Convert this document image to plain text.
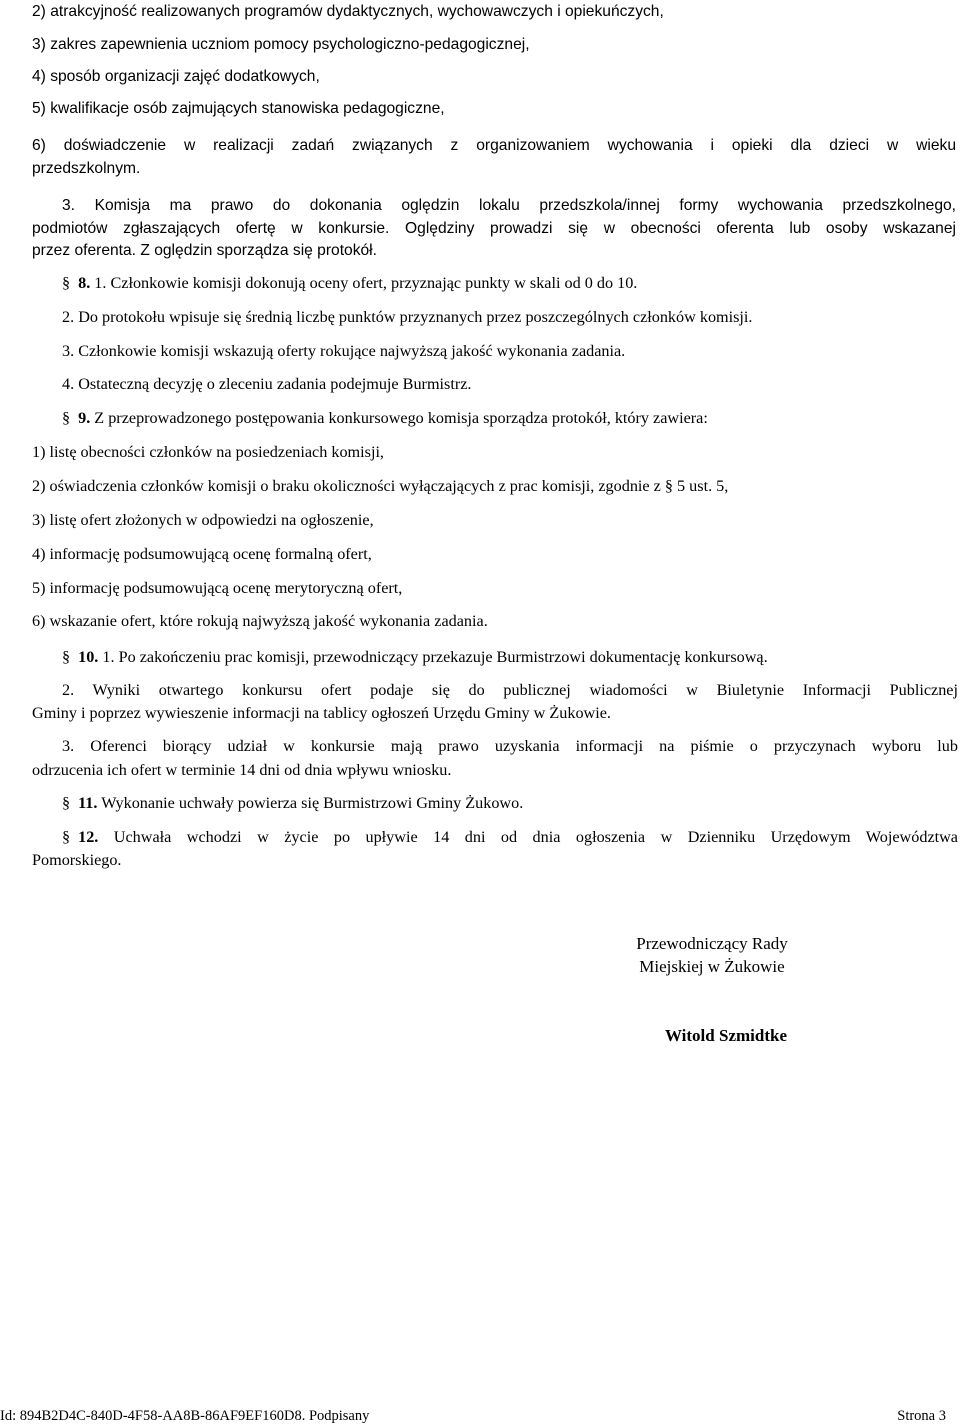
2) atrakcyjność realizowanych programów dydaktycznych, wychowawczych i opiekuńczych,
3) zakres zapewnienia uczniom pomocy psychologiczno-pedagogicznej,
4) sposób organizacji zajęć dodatkowych,
5) kwalifikacje osób zajmujących stanowiska pedagogiczne,
6) doświadczenie w realizacji zadań związanych z organizowaniem wychowania i opieki dla dzieci w wieku
przedszkolnym.
3. Komisja ma prawo do dokonania oględzin lokalu przedszkola/innej formy wychowania przedszkolnego,
podmiotów zgłaszających ofertę w konkursie. Oględziny prowadzi się w obecności oferenta lub osoby wskazanej
przez oferenta. Z oględzin sporządza się protokół.
§ 8. 1. Członkowie komisji dokonują oceny ofert, przyznając punkty w skali od 0 do 10.
2. Do protokołu wpisuje się średnią liczbę punktów przyznanych przez poszczególnych członków komisji.
3. Członkowie komisji wskazują oferty rokujące najwyższą jakość wykonania zadania.
4. Ostateczną decyzję o zleceniu zadania podejmuje Burmistrz.
§ 9. Z przeprowadzonego postępowania konkursowego komisja sporządza protokół, który zawiera:
1) listę obecności członków na posiedzeniach komisji,
2) oświadczenia członków komisji o braku okoliczności wyłączających z prac komisji, zgodnie z § 5 ust. 5,
3) listę ofert złożonych w odpowiedzi na ogłoszenie,
4) informację podsumowującą ocenę formalną ofert,
5) informację podsumowującą ocenę merytoryczną ofert,
6) wskazanie ofert, które rokują najwyższą jakość wykonania zadania.
§ 10. 1. Po zakończeniu prac komisji, przewodniczący przekazuje Burmistrzowi dokumentację konkursową.
2. Wyniki otwartego konkursu ofert podaje się do publicznej wiadomości w Biuletynie Informacji Publicznej
Gminy i poprzez wywieszenie informacji na tablicy ogłoszeń Urzędu Gminy w Żukowie.
3. Oferenci biorący udział w konkursie mają prawo uzyskania informacji na piśmie o przyczynach wyboru lub
odrzucenia ich ofert w terminie 14 dni od dnia wpływu wniosku.
§ 11. Wykonanie uchwały powierza się Burmistrzowi Gminy Żukowo.
§ 12. Uchwała wchodzi w życie po upływie 14 dni od dnia ogłoszenia w Dzienniku Urzędowym Województwa
Pomorskiego.
Przewodniczący Rady
Miejskiej w Żukowie
Witold Szmidtke
Id: 894B2D4C-840D-4F58-AA8B-86AF9EF160D8. Podpisany	Strona 3
